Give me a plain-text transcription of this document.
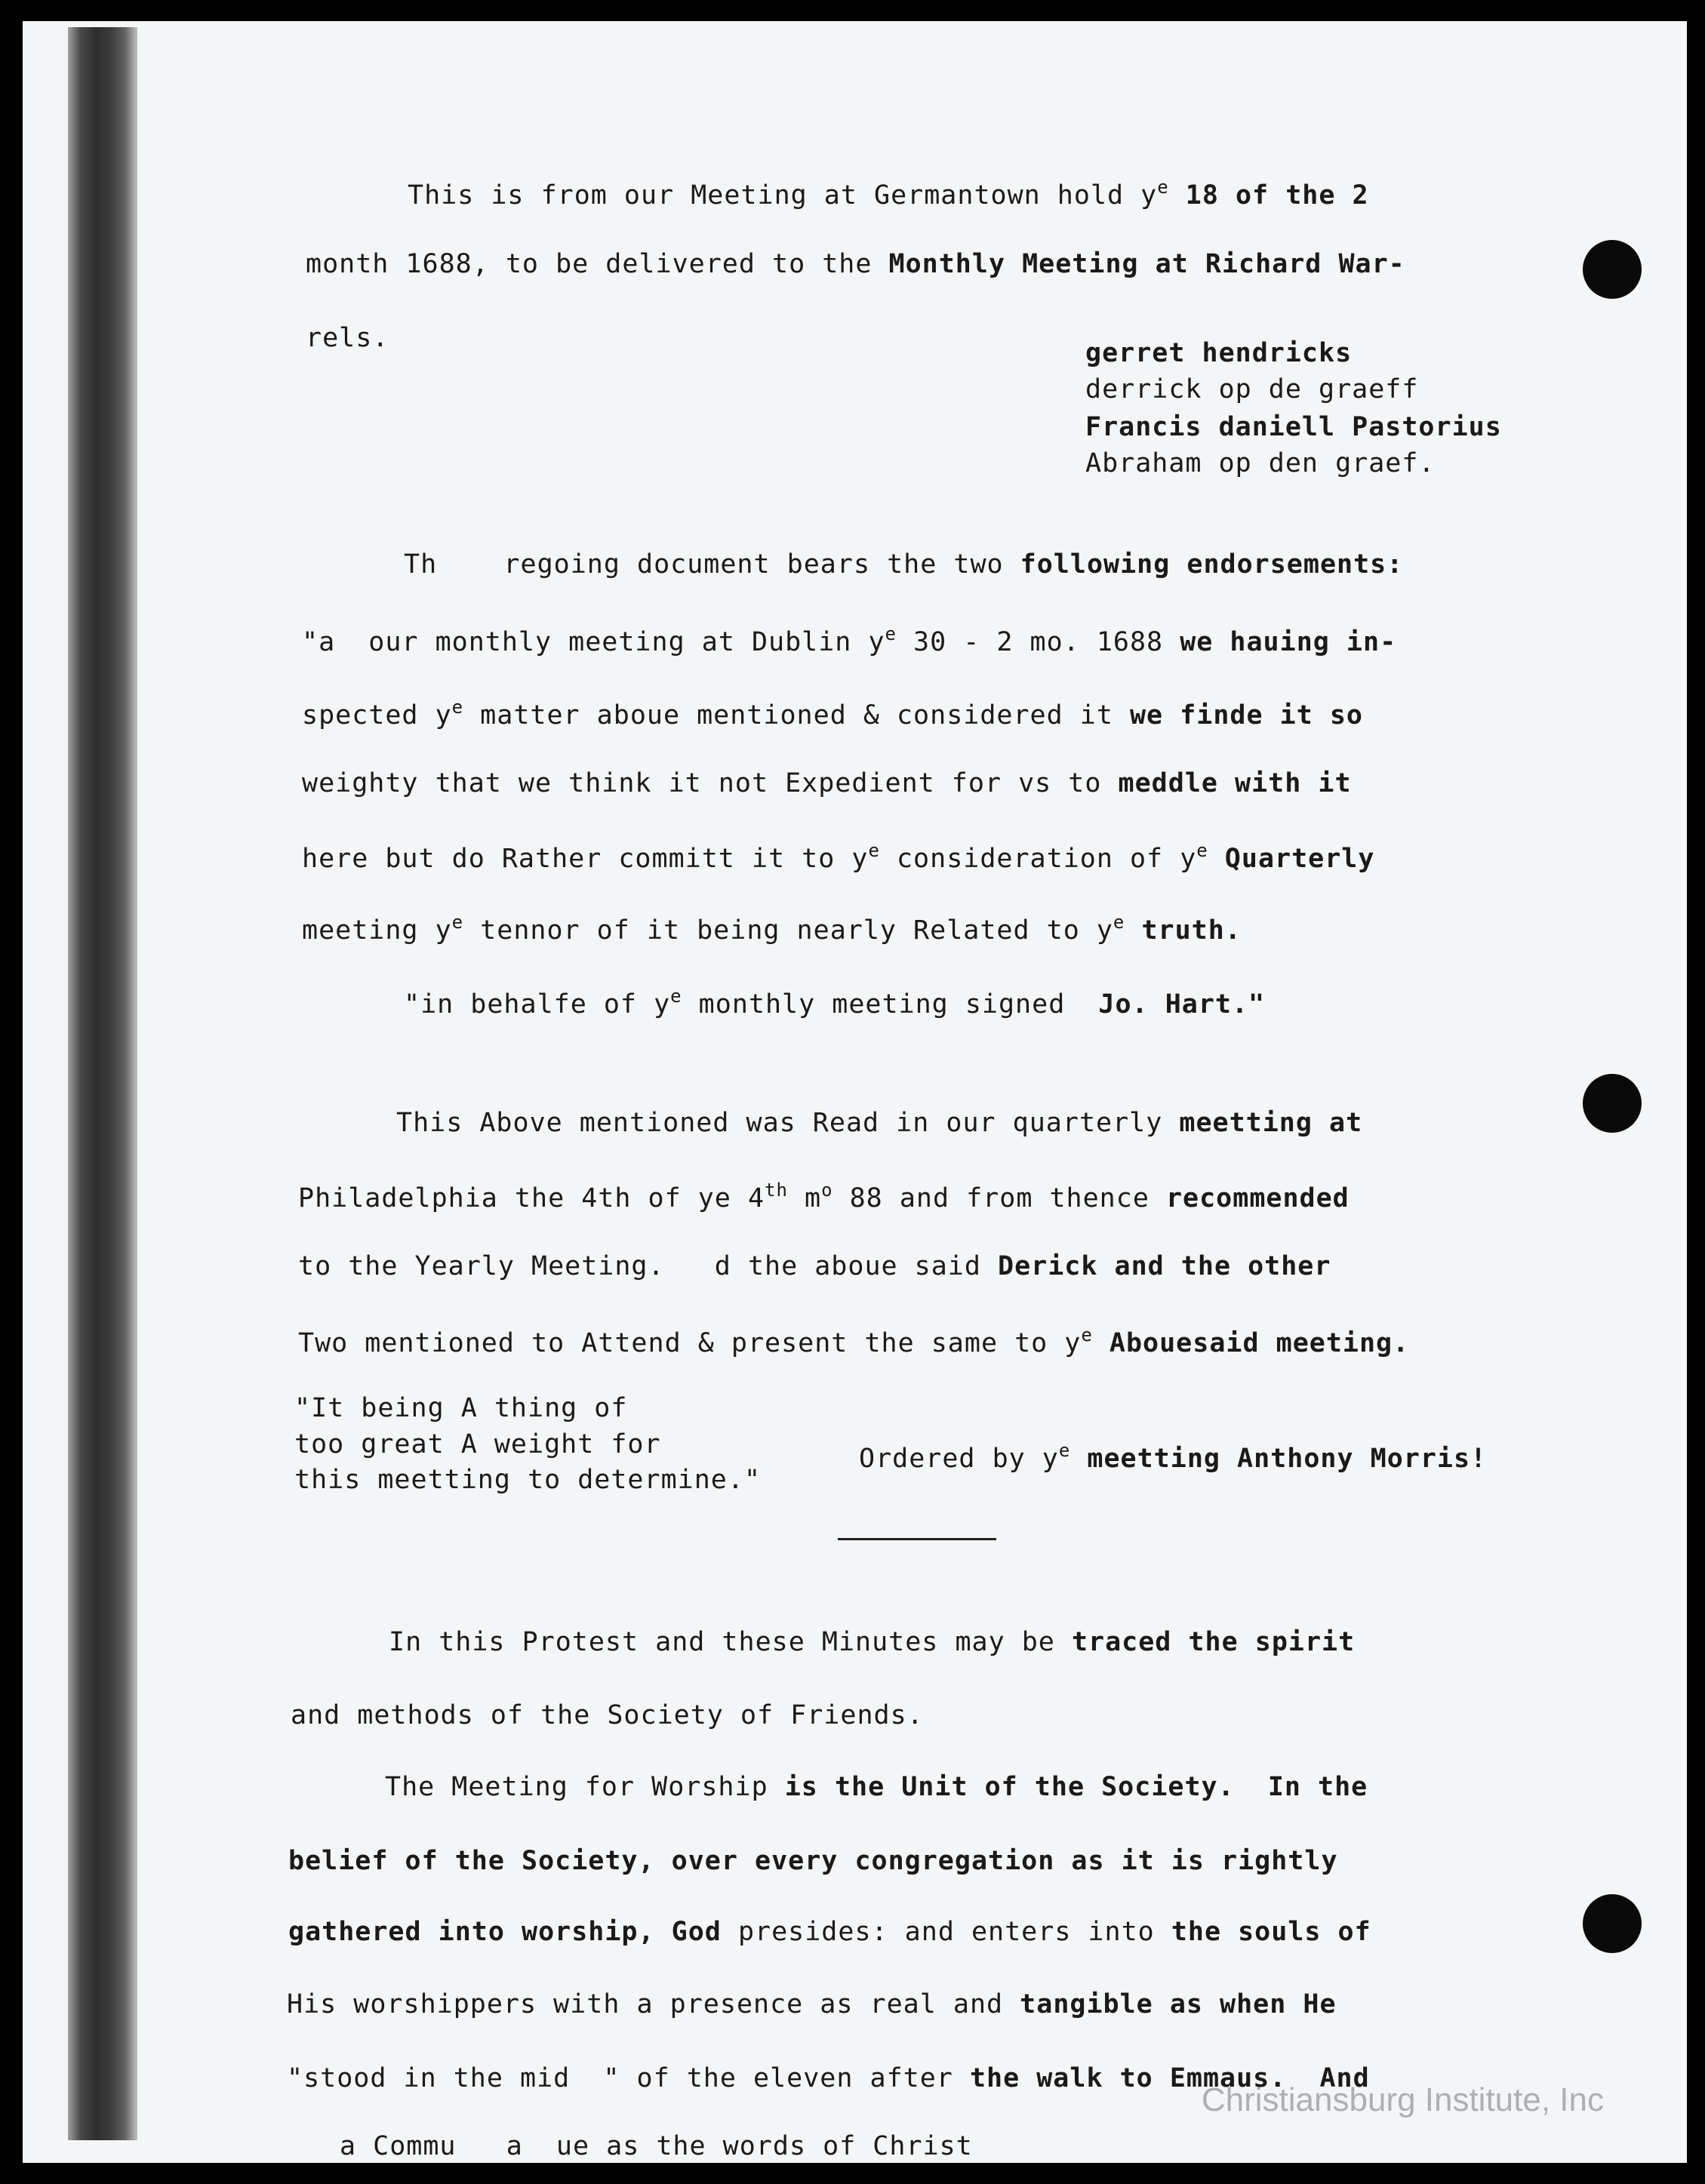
This is from our Meeting at Germantown hold $y^e$ 18 of the 2

month 1688, to be delivered to the Monthly Meeting at Richard War-

rels.

	gerret hendricks

derrick op de graeff

Francis daniell Pastorius

Abraham op den graef.

Th    regoing document bears the two following endorsements:

"a  our monthly meeting at Dublin $y^e$ 30 - 2 mo. 1688 we hauing in-

spected $y^e$ matter aboue mentioned & considered it we finde it so

weighty that we think it not Expedient for vs to meddle with it

here but do Rather committ it to $y^e$ consideration of $y^e$ Quarterly

meeting $y^e$ tennor of it being nearly Related to $y^e$ truth.

"in behalfe of $y^e$ monthly meeting signed  Jo. Hart."

This Above mentioned was Read in our quarterly meetting at

Philadelphia the 4th of ye 4th $m^o$ 88 and from thence recommended

to the Yearly Meeting.   d the aboue said Derick and the other

Two mentioned to Attend & present the same to $y^e$ Abouesaid meeting.

"It being A thing of

too great A weight for

this meetting to determine."

Ordered by $y^e$ meetting Anthony Morris!

In this Protest and these Minutes may be traced the spirit

and methods of the Society of Friends.

The Meeting for Worship is the Unit of the Society.  In the

belief of the Society, over every congregation as it is rightly

gathered into worship, God presides: and enters into the souls of

His worshippers with a presence as real and tangible as when He

"stood in the mid  " of the eleven after the walk to Emmaus.  And

a Commu   a  ue as the words of Christ

Christiansburg Institute, Inc
